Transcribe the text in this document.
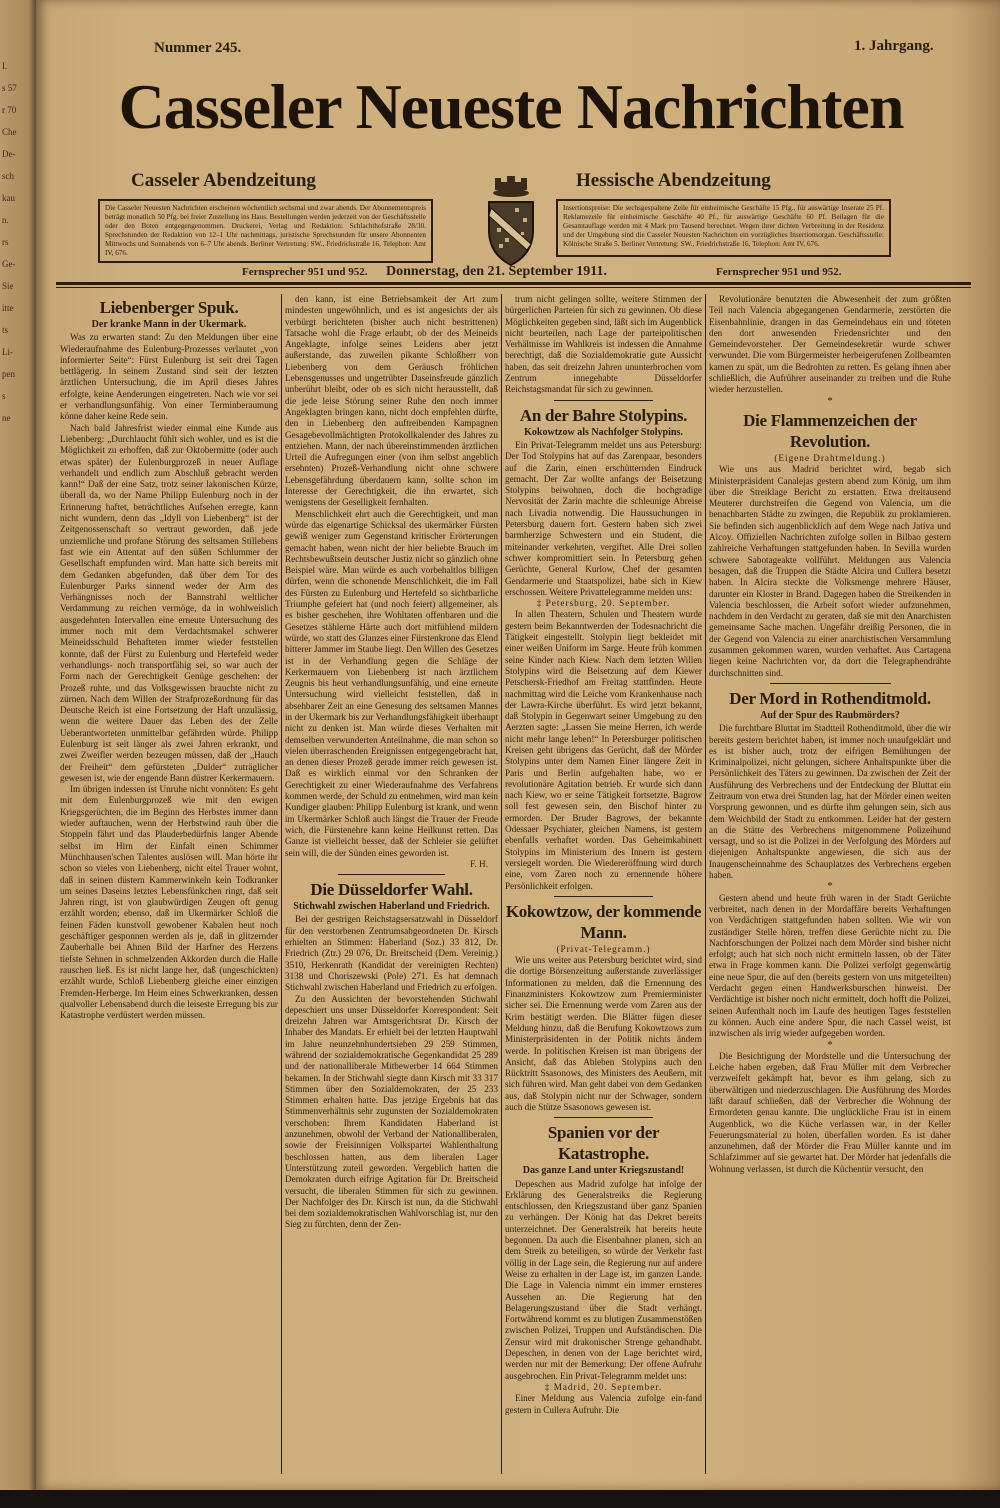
I.
s 57
r 70
Che
De-
sch
kau
n.
rs
Ge-
Sie
itte
ts
Li-
pen
s
ne
Nummer 245.	1. Jahrgang.
Casseler Neueste Nachrichten
Casseler Abendzeitung	Hessische Abendzeitung
Die Casseler Neuesten Nachrichten erscheinen wöchentlich sechsmal und zwar abends. Der Abonnementspreis beträgt monatlich 50 Pfg. bei freier Zustellung ins Haus. Bestellungen werden jederzeit von der Geschäftsstelle oder den Boten entgegengenommen. Druckerei, Verlag und Redaktion: Schlachthofstraße 28/30. Sprechstunden der Redaktion von 12–1 Uhr nachmittags, juristische Sprechstunden für unsere Abonnenten Mittwochs und Sonnabends von 6–7 Uhr abends. Berliner Vertretung: SW., Friedrichstraße 16, Telephon: Amt IV, 676.
Insertionspreise: Die sechsgespaltene Zeile für einheimische Geschäfte 15 Pfg., für auswärtige Inserate 25 Pf. Reklamezeile für einheimische Geschäfte 40 Pf., für auswärtige Geschäfte 60 Pf. Beilagen für die Gesamtauflage werden mit 4 Mark pro Tausend berechnet. Wegen ihrer dichten Verbreitung in der Residenz und der Umgebung sind die Casseler Neuesten Nachrichten ein vorzügliches Insertionsorgan. Geschäftsstelle: Kölnische Straße 5. Berliner Vertretung: SW., Friedrichstraße 16, Telephon: Amt IV, 676.
Fernsprecher 951 und 952. Donnerstag, den 21. September 1911.	Fernsprecher 951 und 952.
Liebenberger Spuk.
Der kranke Mann in der Ukermark.

Was zu erwarten stand: Zu den Meldungen über eine Wiederaufnahme des Eulenburg-Prozesses verlautet „von informierter Seite“: Fürst Eulenburg ist seit drei Tagen bettlägerig. In seinem Zustand sind seit der letzten ärztlichen Untersuchung, die im April dieses Jahres erfolgte, keine Aenderungen eingetreten. Nach wie vor sei er verhandlungsunfähig. Von einer Terminberaumung könne daher keine Rede sein.

Nach bald Jahresfrist wieder einmal eine Kunde aus Liebenberg: „Durchlaucht fühlt sich wohler, und es ist die Möglichkeit zu erhoffen, daß zur Oktobermitte (oder auch etwas später) der Eulenburgprozeß in neuer Auflage verhandelt und endlich zum Abschluß gebracht werden kann!“ Daß der eine Satz, trotz seiner lakonischen Kürze, überall da, wo der Name Philipp Eulenburg noch in der Erinnerung haftet, beträchtliches Aufsehen erregte, kann nicht wundern, denn das „Idyll von Liebenberg“ ist der Zeitgenossenschaft so vertraut geworden, daß jede unziemliche und profane Störung des seltsamen Stillebens fast wie ein Attentat auf den süßen Schlummer der Gesellschaft empfunden wird. Man hatte sich bereits mit dem Gedanken abgefunden, daß über dem Tor des Eulenburger Parks sinnend weder der Arm des Verhängnisses noch der Bannstrahl weltlicher Verdammung zu reichen vermöge, da in wohlweislich ausgedehnten Intervallen eine erneute Untersuchung des immer noch mit dem Verdachtsmakel schwerer Meineidsschuld Behafteten immer wieder feststellen konnte, daß der Fürst zu Eulenburg und Hertefeld weder verhandlungs- noch transportfähig sei, so war auch der Form nach der Gerechtigkeit Genüge geschehen: der Prozeß ruhte, und das Volksgewissen brauchte nicht zu zürnen. Nach dem Willen der Strafprozeßordnung für das Deutsche Reich ist eine Fortsetzung der Haft unzulässig, wenn die weitere Dauer das Leben des der Zelle Ueberantworteten unmittelbar gefährden würde. Philipp Eulenburg ist seit länger als zwei Jahren erkrankt, und zwei Zweifler werden bezeugen müssen, daß der „Hauch der Freiheit“ dem gefürsteten „Dulder“ zuträglicher gewesen ist, wie der engende Bann düstrer Kerkermauern.

Im übrigen indessen ist Unruhe nicht vonnöten: Es geht mit dem Eulenburgprozeß wie mit den ewigen Kriegsgerüchten, die im Beginn des Herbstes immer dann wieder auftauchen, wenn der Herbstwind rauh über die Stoppeln fährt und das Plauderbedürfnis langer Abende selbst im Hirn der Einfalt einen Schimmer Münchhausen'schen Talentes auslösen will. Man hörte ihr schon so vieles von Liebenberg, nicht eitel Trauer wohnt, daß in seinen düstern Kammerwinkeln kein Todkranker um seines Daseins letztes Lebensfünkchen ringt, daß seit Jahren ringt, ist von glaubwürdigen Zeugen oft genug erzählt worden; ebenso, daß im Ukermärker Schloß die feinen Fäden kunstvoll gewobener Kabalen heut noch geschäftiger gesponnen werden als je, daß in glitzernder Zauberhalle bei Ahnen Bild der Harfner des Herzens tiefste Sehnen in schmelzenden Akkorden durch die Halle rauschen ließ. Es ist nicht lange her, daß (ungeschickten) erzählt wurde, Schloß Liebenberg gleiche einer einzigen Fremden-Herberge. Im Heim eines Schwerkranken, dessen qualvoller Lebensabend durch die leiseste Erregung bis zur Katastrophe verdüstert werden müssen.

den kann, ist eine Betriebsamkeit der Art zum mindesten ungewöhnlich, und es ist angesichts der als verbürgt berichteten (bisher auch nicht bestrittenen) Tatsache wohl die Frage erlaubt, ob der des Meineids Angeklagte, infolge seines Leidens aber jetzt außerstande, das zuweilen pikante Schloßherr von Liebenberg von dem Geräusch fröhlichen Lebensgenusses und ungetrübter Daseinsfreude gänzlich unberührt bleibt, oder ob es sich nicht herausstellt, daß die jede leise Störung seiner Ruhe den noch immer Angeklagten bringen kann, nicht doch empfehlen dürfte, den in Liebenberg den auftreibenden Kampagnen Gesagebevollmächtigten Protokollkalender des Jahres zu entziehen. Mann, der nach übereinstimmenden ärztlichen Urteil die Aufregungen einer (von ihm selbst angeblich ersehnten) Prozeß-Verhandlung nicht ohne schwere Lebensgefährdung überdauern kann, sollte schon im Interesse der Gerechtigkeit, die ihn erwartet, sich wenigstens der Geselligkeit fernhalten.

Menschlichkeit ehrt auch die Gerechtigkeit, und man würde das eigenartige Schicksal des ukermärker Fürsten gewiß weniger zum Gegenstand kritischer Erörterungen gemacht haben, wenn nicht der hier beliebte Brauch im Rechtsbewußtsein deutscher Justiz nicht so gänzlich ohne Beispiel wäre. Man würde es auch vorbehaltlos billigen dürfen, wenn die schonende Menschlichkeit, die im Fall des Fürsten zu Eulenburg und Hertefeld so sichtbarliche Triumphe gefeiert hat (und noch feiert) allgemeiner, als es bisher geschehen, ihre Wohltaten offenbaren und die Gesetzes stählerne Härte auch dort mitfühlend mildern würde, wo statt des Glanzes einer Fürstenkrone das Elend bitterer Jammer im Staube liegt. Den Willen des Gesetzes ist in der Verhandlung gegen die Schläge der Kerkermauern von Liebenberg ist nach ärztlichem Zeugnis bis heut verhandlungsunfähig, und eine erneute Untersuchung wird vielleicht feststellen, daß in absehbarer Zeit an eine Genesung des seltsamen Mannes in der Ukermark bis zur Verhandlungsfähigkeit überhaupt nicht zu denken ist. Man würde dieses Verhalten mit demselben verwunderten Anteilnahme, die man schon so vielen überraschenden Ereignissen entgegengebracht hat, an denen dieser Prozeß gerade immer reich gewesen ist. Daß es wirklich einmal vor den Schranken der Gerechtigkeit zu einer Wiederaufnahme des Verfahrens kommen werde, der Schuld zu entnehmen, wird man kein Kundiger glauben: Philipp Eulenburg ist krank, und wenn im Ukermärker Schloß auch längst die Trauer der Freude wich, die Fürstenehre kann keine Heilkunst retten. Das Ganze ist vielleicht besser, daß der Schleier sie gelüftet sein will, die der Sünden eines geworden ist.

F. H.
Die Düsseldorfer Wahl.
Stichwahl zwischen Haberland und Friedrich.

Bei der gestrigen Reichstagsersatzwahl in Düsseldorf für den verstorbenen Zentrumsabgeordneten Dr. Kirsch erhielten an Stimmen: Haberland (Soz.) 33 812, Dr. Friedrich (Ztr.) 29 076, Dr. Breitscheid (Dem. Vereinig.) 3510, Herkenrath (Kandidat der vereinigten Rechten) 3138 und Choriszewski (Pole) 271. Es hat demnach Stichwahl zwischen Haberland und Friedrich zu erfolgen.

Zu den Aussichten der bevorstehenden Stichwahl depeschiert uns unser Düsseldorfer Korrespondent: Seit dreizehn Jahren war Amtsgerichtsrat Dr. Kirsch der Inhaber des Mandats. Er erhielt bei der letzten Hauptwahl im Jahre neunzehnhundertsieben 29 259 Stimmen, während der sozialdemokratische Gegenkandidat 25 289 und der nationalliberale Mitbewerber 14 664 Stimmen bekamen. In der Stichwahl siegte dann Kirsch mit 33 317 Stimmen über den Sozialdemokraten, der 25 233 Stimmen erhalten hatte. Das jetzige Ergebnis hat das Stimmenverhältnis sehr zugunsten der Sozialdemokraten verschoben: Ihrem Kandidaten Haberland ist anzunehmen, obwohl der Verband der Nationalliberalen, sowie der Freisinnigen Volkspartei Wahlenthaltung beschlossen hatten, aus dem liberalen Lager Unterstützung zuteil geworden. Vergeblich hatten die Demokraten durch eifrige Agitation für Dr. Breitscheid versucht, die liberalen Stimmen für sich zu gewinnen. Der Nachfolger des Dr. Kirsch ist nun, da die Stichwahl bei dem sozialdemokratischen Wahlvorschlag ist, nur den Sieg zu fürchten, denn der Zen-

trum nicht gelingen sollte, weitere Stimmen der bürgerlichen Parteien für sich zu gewinnen. Ob diese Möglichkeiten gegeben sind, läßt sich im Augenblick nicht beurteilen, nach Lage der parteipolitischen Verhältnisse im Wahlkreis ist indessen die Annahme berechtigt, daß die Sozialdemokratie gute Aussicht haben, das seit dreizehn Jahren ununterbrochen vom Zentrum innegehabte Düsseldorfer Reichstagsmandat für sich zu gewinnen.

An der Bahre Stolypins.
Kokowtzow als Nachfolger Stolypins.

Ein Privat-Telegramm meldet uns aus Petersburg: Der Tod Stolypins hat auf das Zarenpaar, besonders auf die Zarin, einen erschütternden Eindruck gemacht. Der Zar wollte anfangs der Beisetzung Stolypins beiwohnen, doch die hochgradige Nervosität der Zarin machte die schleunige Abreise nach Livadia notwendig. Die Haussuchungen in Petersburg dauern fort. Gestern haben sich zwei barmherzige Schwestern und ein Student, die miteinander verkehrten, vergiftet. Alle Drei sollen schwer kompromittiert sein. In Petersburg gehen Gerüchte, General Kurlow, Chef der gesamten Gendarmerie und Staatspolizei, habe sich in Kiew erschossen. Weitere Privattelegramme melden uns:

‡ Petersburg, 20. September.

In allen Theatern, Schulen und Theatern wurde gestern beim Bekanntwerden der Todesnachricht die Tätigkeit eingestellt. Stolypin liegt bekleidet mit einer weißen Uniform im Sarge. Heute früh kommen seine Kinder nach Kiew. Nach dem letzten Willen Stolypins wird die Beisetzung auf dem Kiewer Petschersk-Friedhof am Freitag stattfinden. Heute nachmittag wird die Leiche vom Krankenhause nach der Lawra-Kirche überführt. Es wird jetzt bekannt, daß Stolypin in Gegenwart seiner Umgebung zu den Aerzten sagte: „Lassen Sie meine Herren, ich werde nicht mehr lange leben!“ In Petersburger politischen Kreisen geht übrigens das Gerücht, daß der Mörder Stolypins unter dem Namen Einer längere Zeit in Paris und Berlin aufgehalten habe, wo er revolutionäre Agitation betrieb. Er wurde sich dann nach Kiew, wo er seine Tätigkeit fortsetzte. Bagrow soll fest gewesen sein, den Bischof hinter zu ermorden. Der Bruder Bagrows, der bekannte Odessaer Psychiater, gleichen Namens, ist gestern ebenfalls verhaftet worden. Das Geheimkabinett Stolypins im Ministerium des Innern ist gestern versiegelt worden. Die Wiedereröffnung wird durch eine, vom Zaren noch zu ernennende höhere Persönlichkeit erfolgen.

Kokowtzow, der kommende Mann.
(Privat-Telegramm.)

Wie uns weiter aus Petersburg berichtet wird, sind die dortige Börsenzeitung außerstande zuverlässiger Informationen zu melden, daß die Ernennung des Finanzministers Kokowtzow zum Premierminister sicher sei. Die Ernennung werde vom Zaren aus der Krim bestätigt werden. Die Blätter fügen dieser Meldung hinzu, daß die Berufung Kokowtzows zum Ministerpräsidenten in der Politik nichts ändern werde. In politischen Kreisen ist man übrigens der Ansicht, daß das Ableben Stolypins auch den Rücktritt Ssasonows, des Ministers des Aeußern, mit sich führen wird. Man geht dabei von dem Gedanken aus, daß Stolypin nicht nur der Schwager, sondern auch die Stütze Ssasonows gewesen ist.

Spanien vor der Katastrophe.
Das ganze Land unter Kriegszustand!

Depeschen aus Madrid zufolge hat infolge der Erklärung des Generalstreiks die Regierung entschlossen, den Kriegszustand über ganz Spanien zu verhängen. Der König hat das Dekret bereits unterzeichnet. Der Generalstreik hat bereits heute begonnen. Da auch die Eisenbahner planen, sich an dem Streik zu beteiligen, so würde der Verkehr fast völlig in der Lage sein, die Regierung nur auf andere Weise zu erhalten in der Lage ist, im ganzen Lande. Die Lage in Valencia nimmt ein immer ernsteres Aussehen an. Die Regierung hat den Belagerungszustand über die Stadt verhängt. Fortwährend kommt es zu blutigen Zusammenstößen zwischen Polizei, Truppen und Aufständischen. Die Zensur wird mit drakonischer Strenge gehandhabt. Depeschen, in denen von der Lage berichtet wird, werden nur mit der Bemerkung: Der offene Aufruhr ausgebrochen. Ein Privat-Telegramm meldet uns:

‡ Madrid, 20. September.

Einer Meldung aus Valencia zufolge ein-fand gestern in Cullera Aufruhr. Die

Revolutionäre benutzten die Abwesenheit der zum größten Teil nach Valencia abgegangenen Gendarmerie, zerstörten die Eisenbahnlinie, drangen in das Gemeindehaus ein und töteten den dort anwesenden Friedensrichter und den Gemeindevorsteher. Der Gemeindesekretär wurde schwer verwundet. Die vom Bürgermeister herbeigerufenen Zollbeamten kamen zu spät, um die Bedrohten zu retten. Es gelang ihnen aber schließlich, die Aufrührer auseinander zu treiben und die Ruhe wieder herzustellen.

*
Die Flammenzeichen der Revolution.
(Eigene Drahtmeldung.)

Wie uns aus Madrid berichtet wird, begab sich Ministerpräsident Canalejas gestern abend zum König, um ihm über die Streiklage Bericht zu erstatten. Etwa dreitausend Meuterer durchstreifen die Gegend von Valencia, um die benachbarten Städte zu zwingen, die Republik zu proklamieren. Sie befinden sich augenblicklich auf dem Wege nach Jativa und Alcoy. Offiziellen Nachrichten zufolge sollen in Bilbao gestern zahlreiche Verhaftungen stattgefunden haben. In Sevilla wurden schwere Sabotageakte vollführt. Meldungen aus Valencia besagen, daß die Truppen die Städte Alcira und Cullera besetzt haben. In Alcira steckte die Volksmenge mehrere Häuser, darunter ein Kloster in Brand. Dagegen haben die Streikenden in Valencia beschlossen, die Arbeit sofort wieder aufzunehmen, nachdem in den Verdacht zu geraten, daß sie mit den Anarchisten gemeinsame Sache machen. Ungefähr dreißig Personen, die in der Gegend von Valencia zu einer anarchistischen Versammlung zusammen gekommen waren, wurden verhaftet. Aus Cartagena liegen keine Nachrichten vor, da dort die Telegraphendrähte durchschnitten sind.

Der Mord in Rothenditmold.
Auf der Spur des Raubmörders?

Die furchtbare Bluttat im Stadtteil Rothenditmold, über die wir bereits gestern berichtet haben, ist immer noch unaufgeklärt und es ist bisher auch, trotz der eifrigen Bemühungen der Kriminalpolizei, nicht gelungen, sichere Anhaltspunkte über die Persönlichkeit des Täters zu gewinnen. Da zwischen der Zeit der Ausführung des Verbrechens und der Entdeckung der Bluttat ein Zeitraum von etwa drei Stunden lag, hat der Mörder einen weiten Vorsprung gewonnen, und es dürfte ihm gelungen sein, sich aus dem Weichbild der Stadt zu entkommen. Leider hat der gestern an die Stätte des Verbrechens mitgenommene Polizeihund versagt, und so ist die Polizei in der Verfolgung des Mörders auf diejenigen Anhaltspunkte angewiesen, die sich aus der Inaugenscheinnahme des Schauplatzes des Verbrechens ergeben haben.

*

Gestern abend und heute früh waren in der Stadt Gerüchte verbreitet, nach denen in der Mordaffäre bereits Verhaftungen von Verdächtigen stattgefunden haben sollten. Wie wir von zuständiger Stelle hören, treffen diese Gerüchte nicht zu. Die Nachforschungen der Polizei nach dem Mörder sind bisher nicht erfolgt; auch hat sich noch nicht ermitteln lassen, ob der Täter etwa in Frage kommen kann. Die Polizei verfolgt gegenwärtig eine neue Spur, die auf den (bereits gestern von uns mitgeteilten) Verdacht gegen einen Handwerksburschen hinweist. Der Verdächtige ist bisher noch nicht ermittelt, doch hofft die Polizei, seinen Aufenthalt noch im Laufe des heutigen Tages feststellen zu können. Auch eine andere Spur, die nach Cassel weist, ist inzwischen als irrig wieder aufgegeben worden.

*

Die Besichtigung der Mordstelle und die Untersuchung der Leiche haben ergeben, daß Frau Müller mit dem Verbrecher verzweifelt gekämpft hat, bevor es ihm gelang, sich zu überwältigen und niederzuschlagen. Die Ausführung des Mordes läßt darauf schließen, daß der Verbrecher die Wohnung der Ermordeten genau kannte. Die unglückliche Frau ist in einem Augenblick, wo die Küche verlassen war, in der Keller Feuerungsmaterial zu holen, überfallen worden. Es ist daher anzunehmen, daß der Mörder die Frau Müller kannte und im Schlafzimmer auf sie gewartet hat. Der Mörder hat jedenfalls die Wohnung verlassen, ist durch die Küchentür versucht, den
